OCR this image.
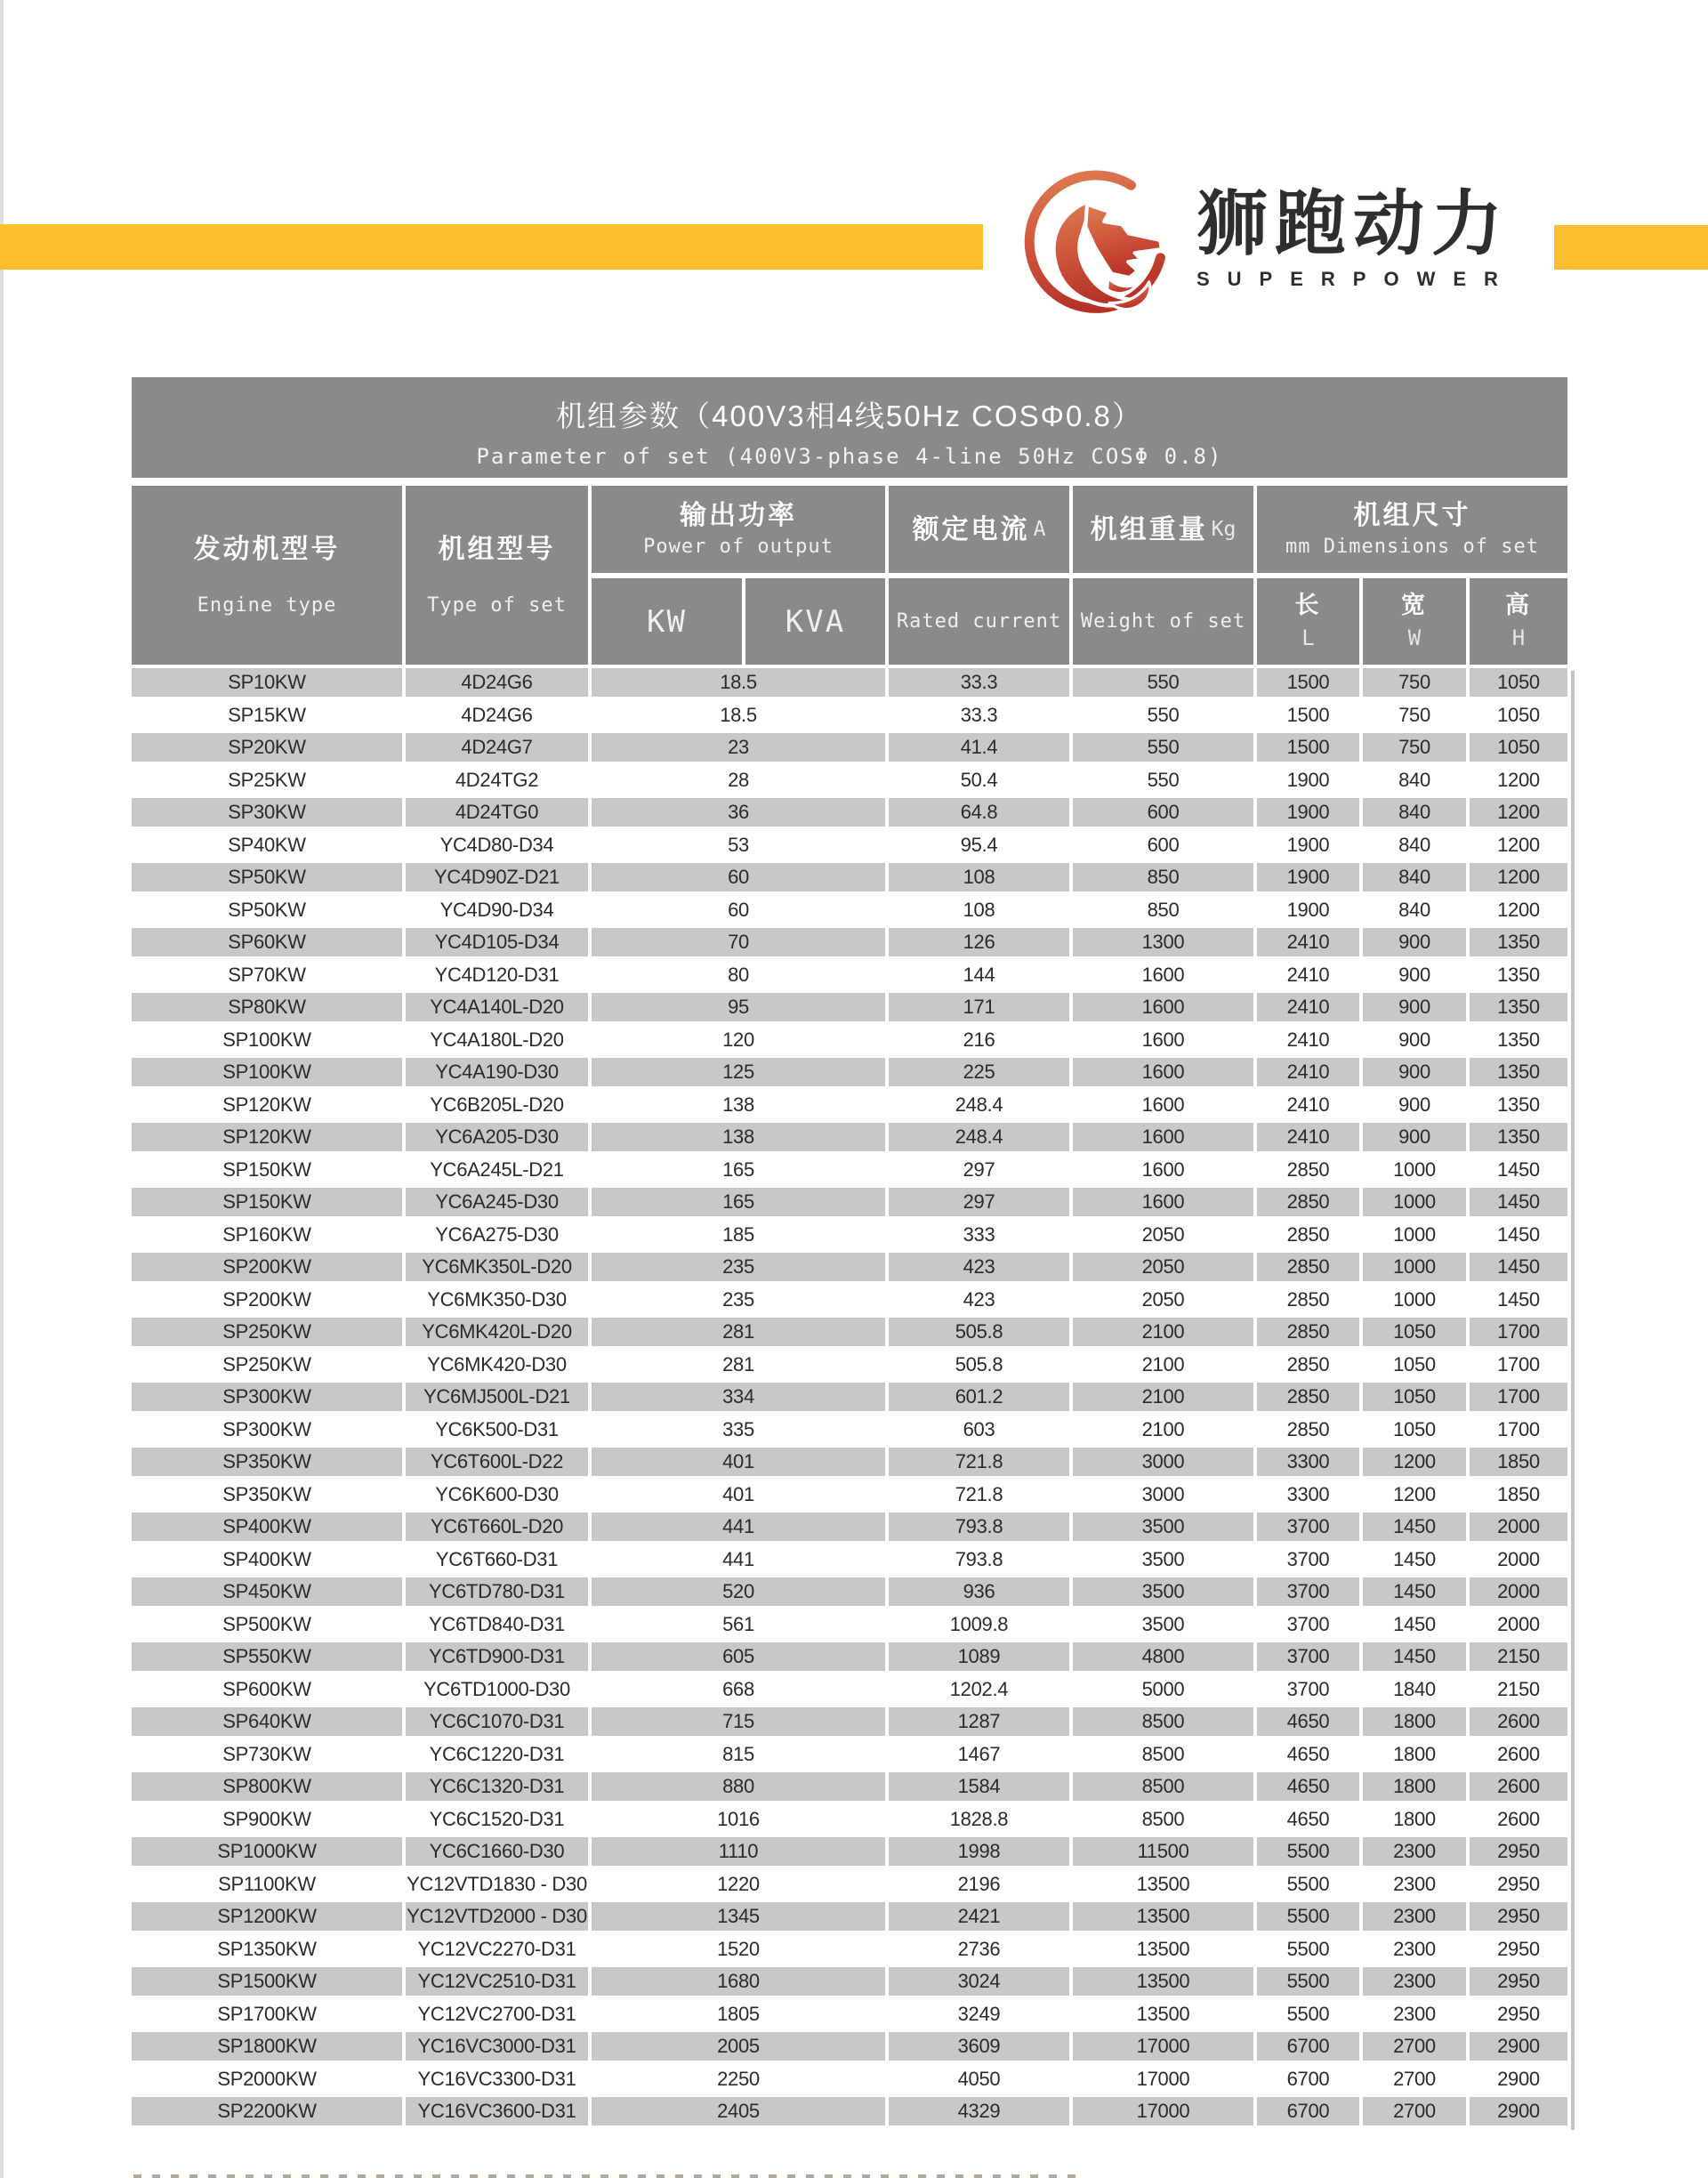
狮跑动力
SUPERPOWER
机组参数（400V3相4线50Hz COSΦ0.8）
Parameter of set (400V3-phase 4-line 50Hz COSΦ 0.8)
发动机型号
Engine type
机组型号
Type of set
输出功率
Power of output
KW	KVA
额定电流 A
Rated current
机组重量 Kg
Weight of set
机组尺寸
mm Dimensions of set
长
L
宽
W
高
H
SP10KW	4D24G6	18.5	33.3	550	1500	750	1050
SP15KW	4D24G6	18.5	33.3	550	1500	750	1050
SP20KW	4D24G7	23	41.4	550	1500	750	1050
SP25KW	4D24TG2	28	50.4	550	1900	840	1200
SP30KW	4D24TG0	36	64.8	600	1900	840	1200
SP40KW	YC4D80-D34	53	95.4	600	1900	840	1200
SP50KW	YC4D90Z-D21	60	108	850	1900	840	1200
SP50KW	YC4D90-D34	60	108	850	1900	840	1200
SP60KW	YC4D105-D34	70	126	1300	2410	900	1350
SP70KW	YC4D120-D31	80	144	1600	2410	900	1350
SP80KW	YC4A140L-D20	95	171	1600	2410	900	1350
SP100KW	YC4A180L-D20	120	216	1600	2410	900	1350
SP100KW	YC4A190-D30	125	225	1600	2410	900	1350
SP120KW	YC6B205L-D20	138	248.4	1600	2410	900	1350
SP120KW	YC6A205-D30	138	248.4	1600	2410	900	1350
SP150KW	YC6A245L-D21	165	297	1600	2850	1000	1450
SP150KW	YC6A245-D30	165	297	1600	2850	1000	1450
SP160KW	YC6A275-D30	185	333	2050	2850	1000	1450
SP200KW	YC6MK350L-D20	235	423	2050	2850	1000	1450
SP200KW	YC6MK350-D30	235	423	2050	2850	1000	1450
SP250KW	YC6MK420L-D20	281	505.8	2100	2850	1050	1700
SP250KW	YC6MK420-D30	281	505.8	2100	2850	1050	1700
SP300KW	YC6MJ500L-D21	334	601.2	2100	2850	1050	1700
SP300KW	YC6K500-D31	335	603	2100	2850	1050	1700
SP350KW	YC6T600L-D22	401	721.8	3000	3300	1200	1850
SP350KW	YC6K600-D30	401	721.8	3000	3300	1200	1850
SP400KW	YC6T660L-D20	441	793.8	3500	3700	1450	2000
SP400KW	YC6T660-D31	441	793.8	3500	3700	1450	2000
SP450KW	YC6TD780-D31	520	936	3500	3700	1450	2000
SP500KW	YC6TD840-D31	561	1009.8	3500	3700	1450	2000
SP550KW	YC6TD900-D31	605	1089	4800	3700	1450	2150
SP600KW	YC6TD1000-D30	668	1202.4	5000	3700	1840	2150
SP640KW	YC6C1070-D31	715	1287	8500	4650	1800	2600
SP730KW	YC6C1220-D31	815	1467	8500	4650	1800	2600
SP800KW	YC6C1320-D31	880	1584	8500	4650	1800	2600
SP900KW	YC6C1520-D31	1016	1828.8	8500	4650	1800	2600
SP1000KW	YC6C1660-D30	1110	1998	11500	5500	2300	2950
SP1100KW	YC12VTD1830 - D30	1220	2196	13500	5500	2300	2950
SP1200KW	YC12VTD2000 - D30	1345	2421	13500	5500	2300	2950
SP1350KW	YC12VC2270-D31	1520	2736	13500	5500	2300	2950
SP1500KW	YC12VC2510-D31	1680	3024	13500	5500	2300	2950
SP1700KW	YC12VC2700-D31	1805	3249	13500	5500	2300	2950
SP1800KW	YC16VC3000-D31	2005	3609	17000	6700	2700	2900
SP2000KW	YC16VC3300-D31	2250	4050	17000	6700	2700	2900
SP2200KW	YC16VC3600-D31	2405	4329	17000	6700	2700	2900
